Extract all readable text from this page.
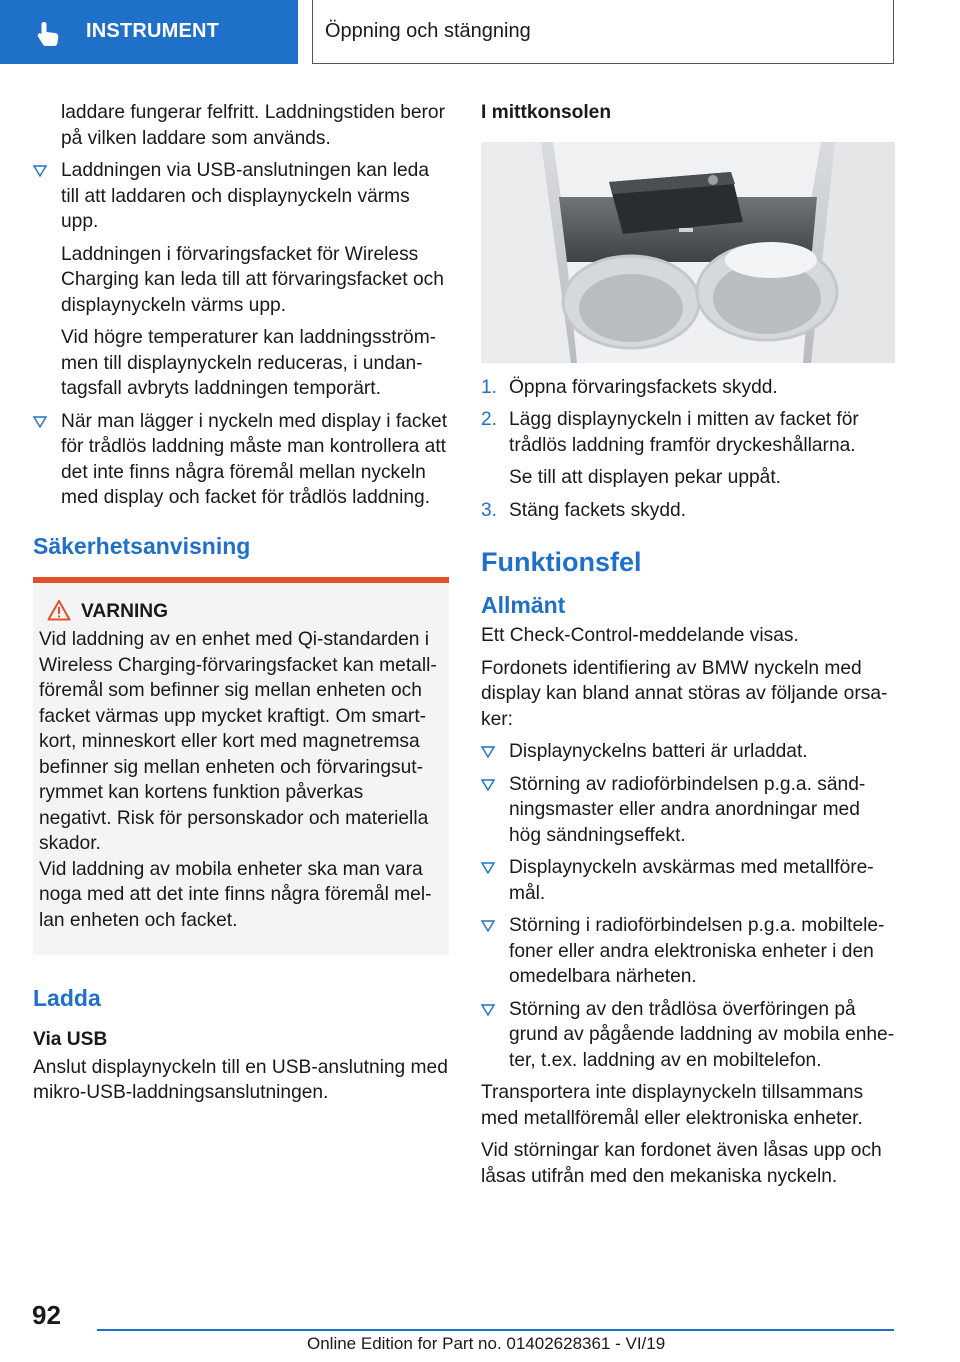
INSTRUMENT	Öppning och stängning

laddare fungerar felfritt. Laddningstiden beror på vilken laddare som används.

Laddningen via USB-anslutningen kan leda till att laddaren och displaynyckeln värms upp.

Laddningen i förvaringsfacket för Wireless Charging kan leda till att förvaringsfacket och displaynyckeln värms upp.

Vid högre temperaturer kan laddningsström-men till displaynyckeln reduceras, i undan-tagsfall avbryts laddningen temporärt.

När man lägger i nyckeln med display i facket för trådlös laddning måste man kontrollera att det inte finns några föremål mellan nyckeln med display och facket för trådlös laddning.
Säkerhetsanvisning
VARNING
Vid laddning av en enhet med Qi-standarden i Wireless Charging-förvaringsfacket kan metall-föremål som befinner sig mellan enheten och facket värmas upp mycket kraftigt. Om smart-kort, minneskort eller kort med magnetremsa befinner sig mellan enheten och förvaringsut-rymmet kan kortens funktion påverkas negativt. Risk för personskador och materiella skador.
Vid laddning av mobila enheter ska man vara noga med att det inte finns några föremål mel-lan enheten och facket.
Ladda
Via USB

Anslut displaynyckeln till en USB-anslutning med mikro-USB-laddningsanslutningen.

I mittkonsolen
1. Öppna förvaringsfackets skydd.
2. Lägg displaynyckeln i mitten av facket för trådlös laddning framför dryckeshållarna.

Se till att displayen pekar uppåt.

3. Stäng fackets skydd.
Funktionsfel
Allmänt

Ett Check-Control-meddelande visas.

Fordonets identifiering av BMW nyckeln med display kan bland annat störas av följande orsa-ker:

Displaynyckelns batteri är urladdat.
Störning av radioförbindelsen p.g.a. sänd-ningsmaster eller andra anordningar med hög sändningseffekt.
Displaynyckeln avskärmas med metallföre-mål.
Störning i radioförbindelsen p.g.a. mobiltele-foner eller andra elektroniska enheter i den omedelbara närheten.
Störning av den trådlösa överföringen på grund av pågående laddning av mobila enhe-ter, t.ex. laddning av en mobiltelefon.

Transportera inte displaynyckeln tillsammans med metallföremål eller elektroniska enheter.

Vid störningar kan fordonet även låsas upp och låsas utifrån med den mekaniska nyckeln.

92
Online Edition for Part no. 01402628361 - VI/19
